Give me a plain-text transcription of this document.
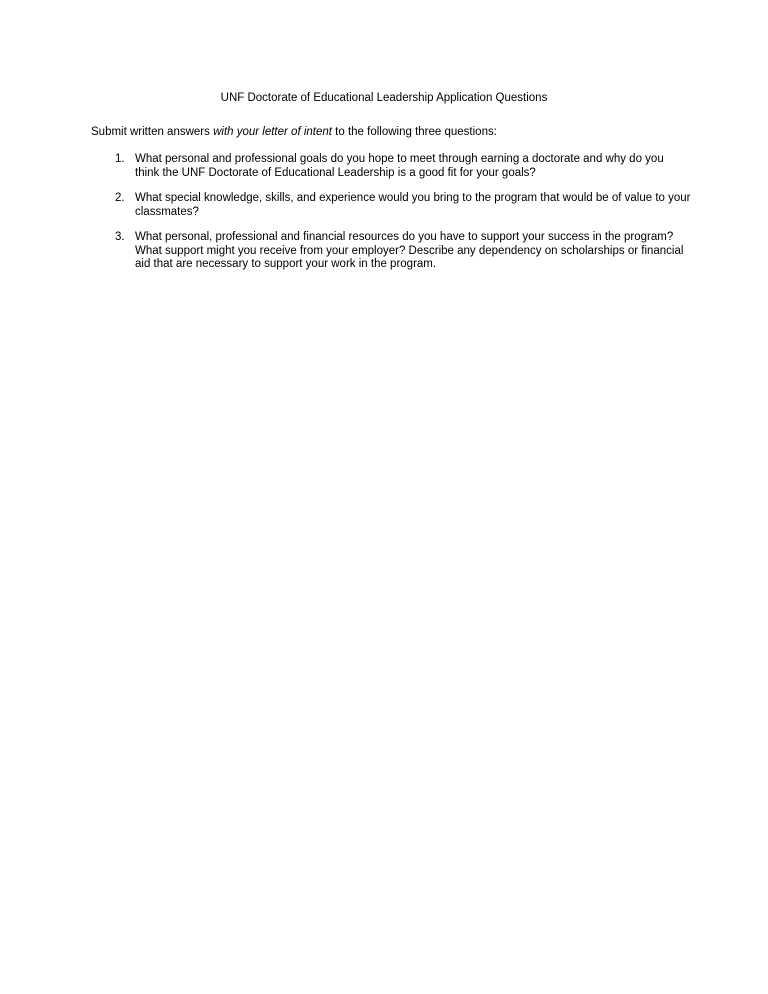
UNF Doctorate of Educational Leadership Application Questions
Submit written answers with your letter of intent to the following three questions:
1. What personal and professional goals do you hope to meet through earning a doctorate and why do you think the UNF Doctorate of Educational Leadership is a good fit for your goals?
2. What special knowledge, skills, and experience would you bring to the program that would be of value to your classmates?
3. What personal, professional and financial resources do you have to support your success in the program? What support might you receive from your employer? Describe any dependency on scholarships or financial aid that are necessary to support your work in the program.
